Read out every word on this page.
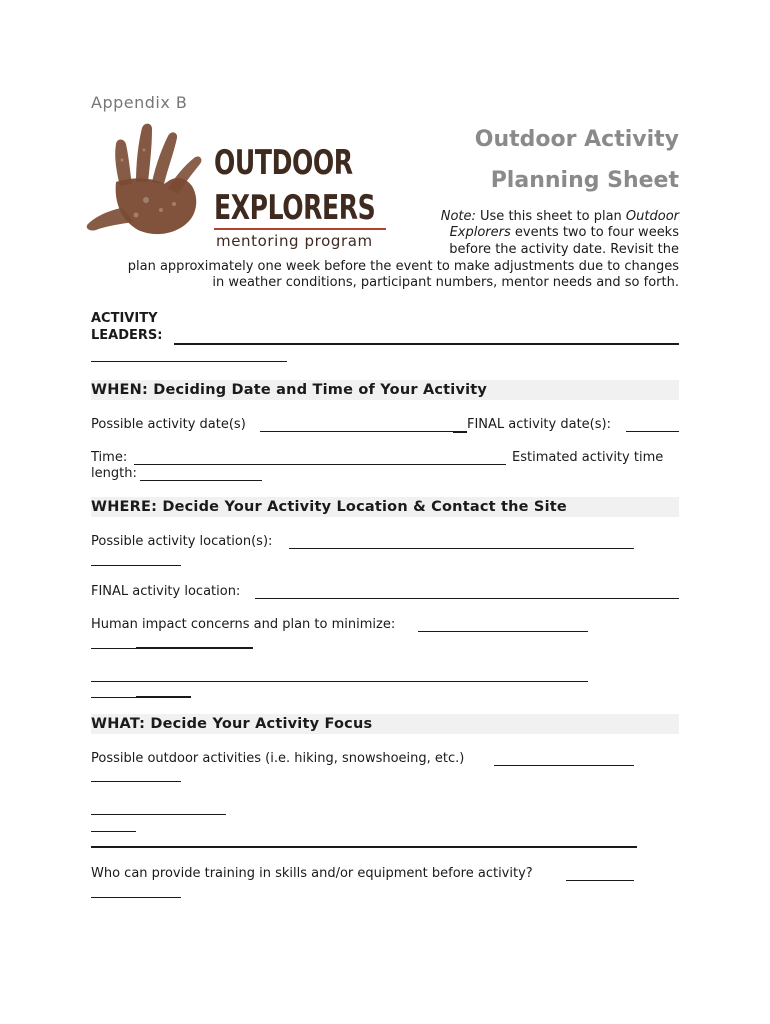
Appendix B
OUTDOOR
EXPLORERS
mentoring program
Outdoor Activity
Planning Sheet
Note: Use this sheet to plan Outdoor
Explorers events two to four weeks
before the activity date. Revisit the
plan approximately one week before the event to make adjustments due to changes
in weather conditions, participant numbers, mentor needs and so forth.
ACTIVITY
LEADERS:
WHEN: Deciding Date and Time of Your Activity
Possible activity date(s)	FINAL activity date(s):
Time:	Estimated activity time
length:
WHERE: Decide Your Activity Location & Contact the Site
Possible activity location(s):
FINAL activity location:
Human impact concerns and plan to minimize:
WHAT: Decide Your Activity Focus
Possible outdoor activities (i.e. hiking, snowshoeing, etc.)
Who can provide training in skills and/or equipment before activity?
